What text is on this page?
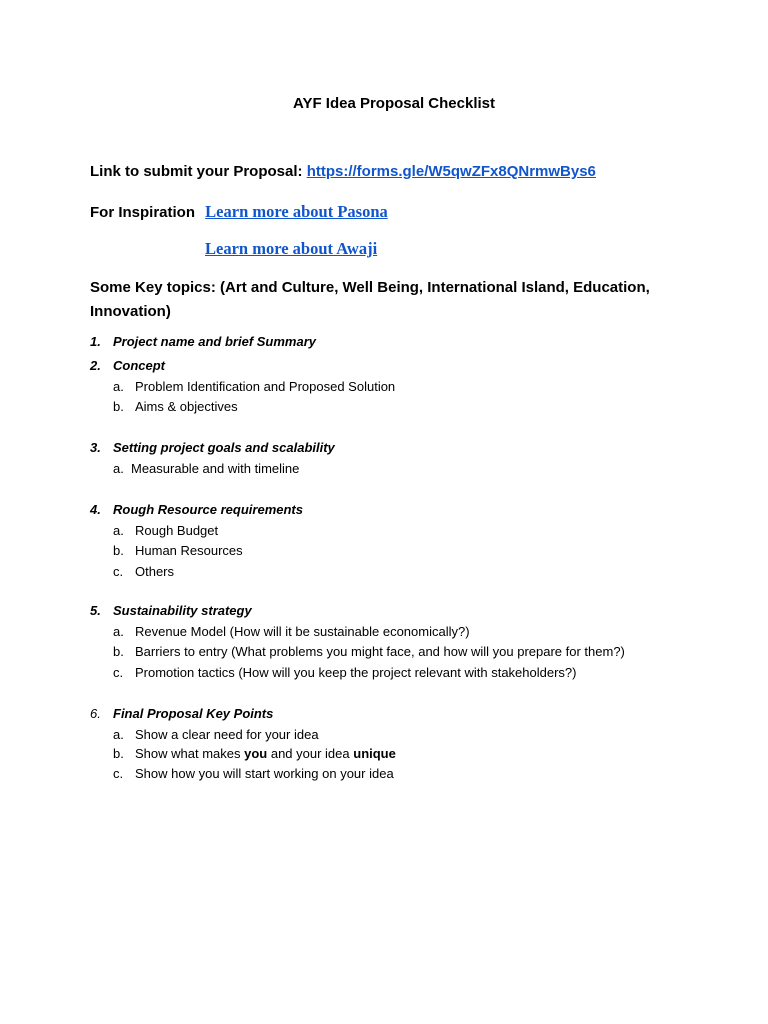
AYF Idea Proposal Checklist
Link to submit your Proposal: https://forms.gle/W5qwZFx8QNrmwBys6
For Inspiration Learn more about Pasona
Learn more about Awaji

Some Key topics: (Art and Culture, Well Being, International Island, Education, Innovation)

1. Project name and brief Summary
2. Concept
a. Problem Identification and Proposed Solution
b. Aims & objectives
3. Setting project goals and scalability
a. Measurable and with timeline
4. Rough Resource requirements
a. Rough Budget
b. Human Resources
c. Others
5. Sustainability strategy
a. Revenue Model (How will it be sustainable economically?)
b. Barriers to entry (What problems you might face, and how will you prepare for them?)
c. Promotion tactics (How will you keep the project relevant with stakeholders?)
6. Final Proposal Key Points
a. Show a clear need for your idea
b. Show what makes you and your idea unique
c. Show how you will start working on your idea
